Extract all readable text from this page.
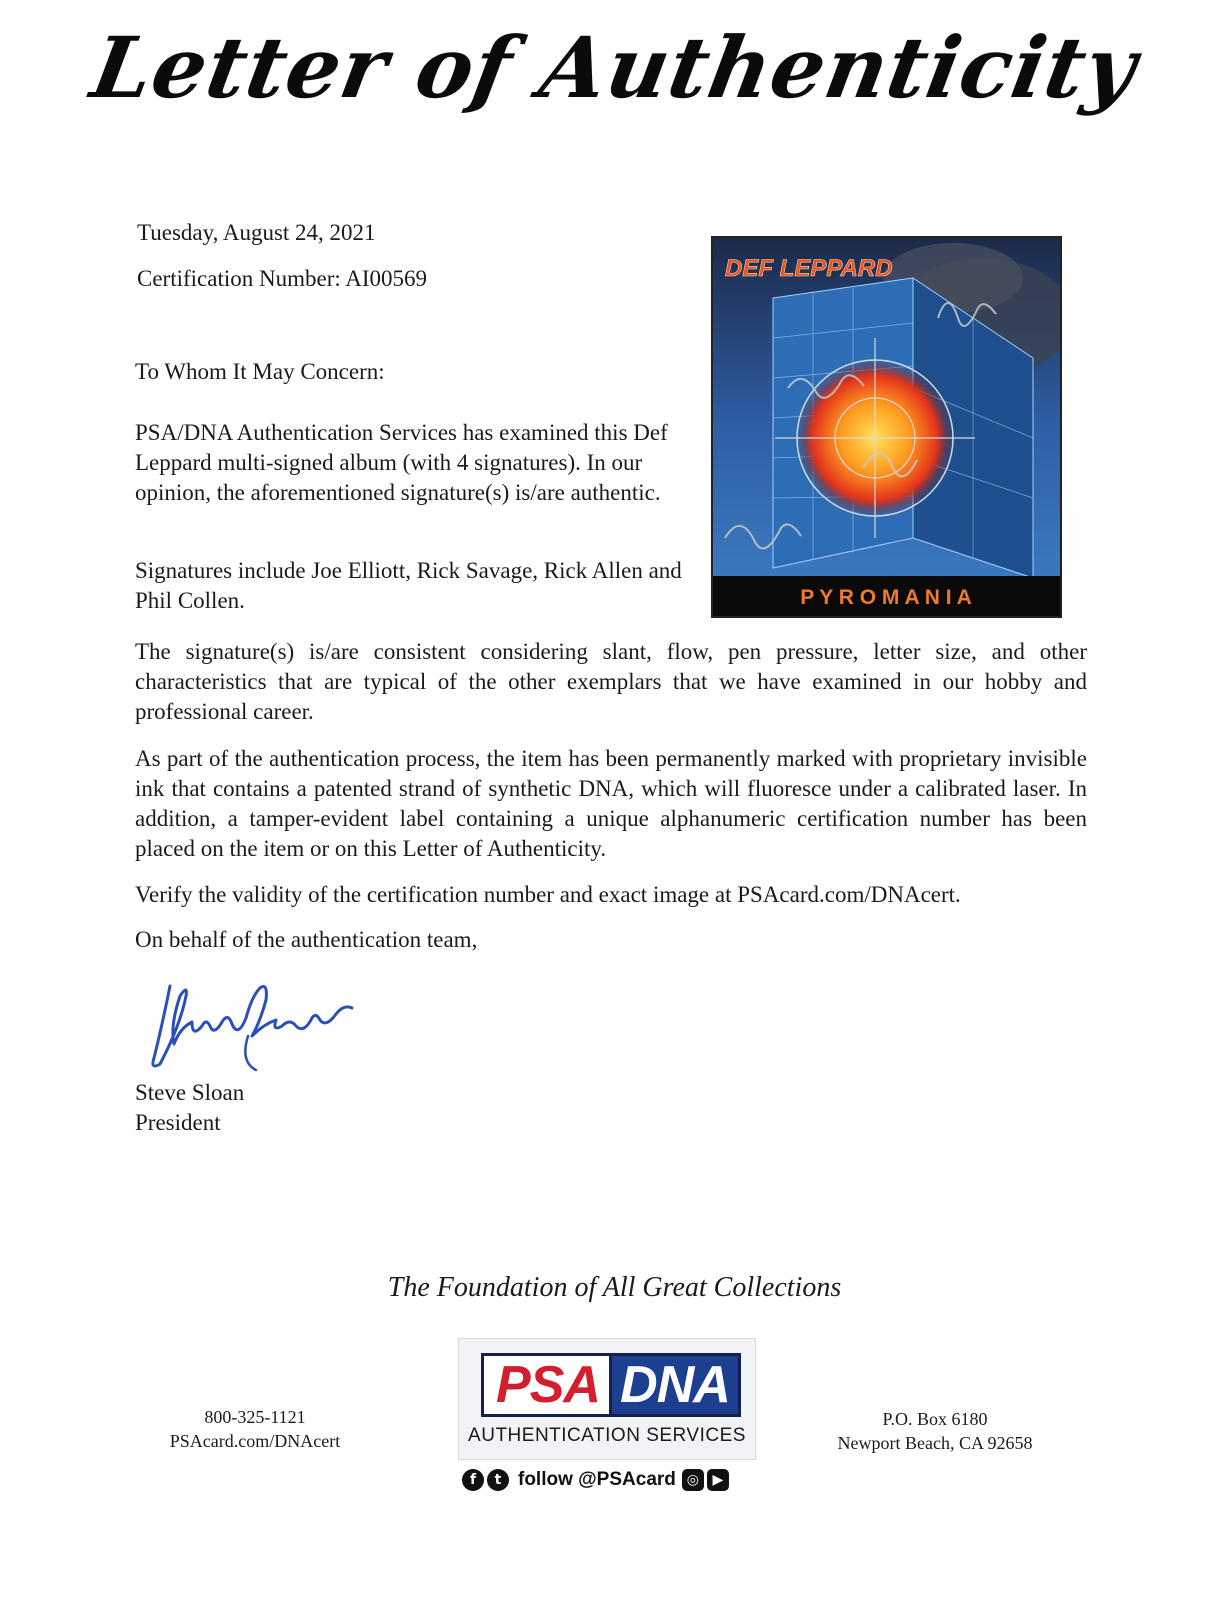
Letter of Authenticity
Tuesday, August 24, 2021
Certification Number: AI00569
To Whom It May Concern:

PSA/DNA Authentication Services has examined this Def Leppard multi-signed album (with 4 signatures). In our opinion, the aforementioned signature(s) is/are authentic.

Signatures include Joe Elliott, Rick Savage, Rick Allen and Phil Collen.

DEF LEPPARD
P Y R O M A N I A

The signature(s) is/are consistent considering slant, flow, pen pressure, letter size, and other characteristics that are typical of the other exemplars that we have examined in our hobby and professional career.

As part of the authentication process, the item has been permanently marked with proprietary invisible ink that contains a patented strand of synthetic DNA, which will fluoresce under a calibrated laser. In addition, a tamper-evident label containing a unique alphanumeric certification number has been placed on the item or on this Letter of Authenticity.

Verify the validity of the certification number and exact image at PSAcard.com/DNAcert.

On behalf of the authentication team,

Steve Sloan
President
The Foundation of All Great Collections
800-325-1121
PSAcard.com/DNAcert
PSA DNA
AUTHENTICATION SERVICES
f t follow @PSAcard ◎ ▶
P.O. Box 6180
Newport Beach, CA 92658
